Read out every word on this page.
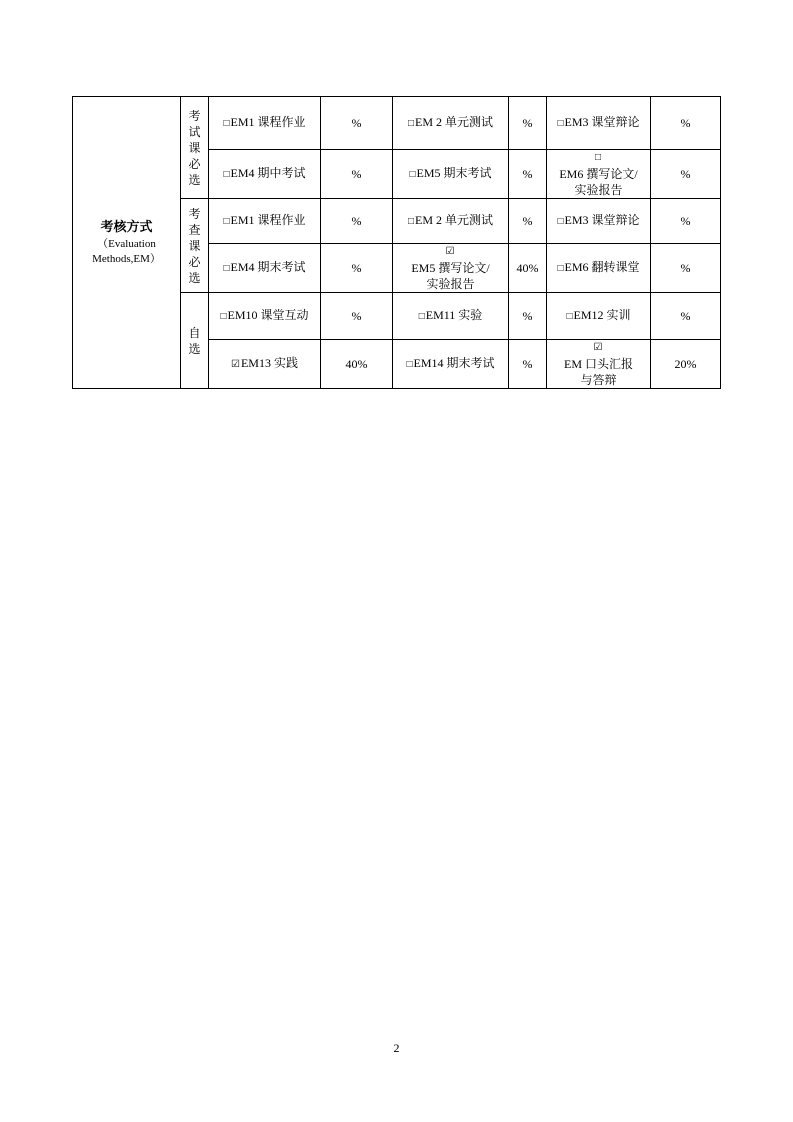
考核方式
（Evaluation
Methods,EM）	考
试
课
必
选	□EM1 课程作业	%	□EM 2 单元测试	%	□EM3 课堂辩论	%
		□EM4 期中考试	%	□EM5 期末考试	%	□
EM6 撰写论文/
实验报告	%

	考
查
课
必
选	□EM1 课程作业	%	□EM 2 单元测试	%	□EM3 课堂辩论	%
		□EM4 期末考试	%	☑
EM5 撰写论文/
实验报告	40%	□EM6 翻转课堂	%

	自
选	□EM10 课堂互动	%	□EM11 实验	%	□EM12 实训	%
		☑EM13 实践	40%	□EM14 期末考试	%	☑
EM 口头汇报
与答辩	20%
2
